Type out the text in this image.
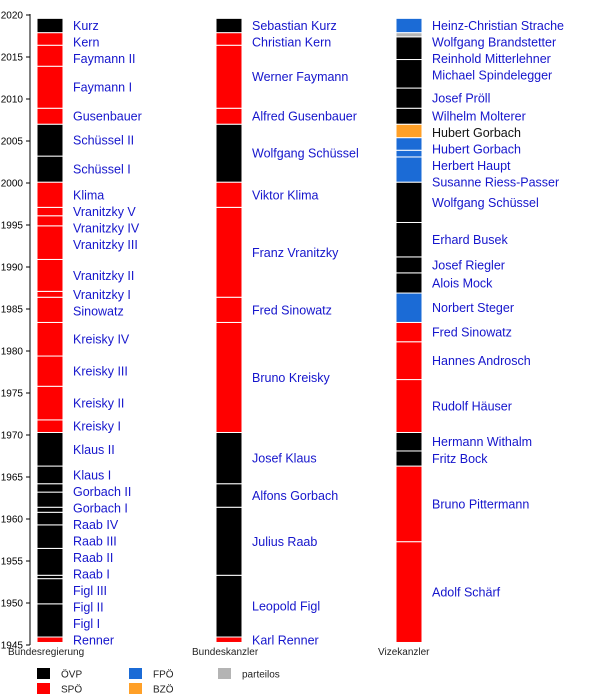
1945
1950
1955
1960
1965
1970
1975
1980
1985
1990
1995
2000
2005
2010
2015
2020
Kurz
Kern
Faymann II
Faymann I
Gusenbauer
Schüssel II
Schüssel I
Klima
Vranitzky V
Vranitzky IV
Vranitzky III
Vranitzky II
Vranitzky I
Sinowatz
Kreisky IV
Kreisky III
Kreisky II
Kreisky I
Klaus II
Klaus I
Gorbach II
Gorbach I
Raab IV
Raab III
Raab II
Raab I
Figl III
Figl II
Figl I
Renner
Sebastian Kurz
Christian Kern
Werner Faymann
Alfred Gusenbauer
Wolfgang Schüssel
Viktor Klima
Franz Vranitzky
Fred Sinowatz
Bruno Kreisky
Josef Klaus
Alfons Gorbach
Julius Raab
Leopold Figl
Karl Renner
Heinz-Christian Strache
Wolfgang Brandstetter
Reinhold Mitterlehner
Michael Spindelegger
Josef Pröll
Wilhelm Molterer
Hubert Gorbach
Hubert Gorbach
Herbert Haupt
Susanne Riess-Passer
Wolfgang Schüssel
Erhard Busek
Josef Riegler
Alois Mock
Norbert Steger
Fred Sinowatz
Hannes Androsch
Rudolf Häuser
Hermann Withalm
Fritz Bock
Bruno Pittermann
Adolf Schärf
Bundesregierung	Bundeskanzler	Vizekanzler
ÖVP	FPÖ	parteilos
SPÖ	BZÖ
